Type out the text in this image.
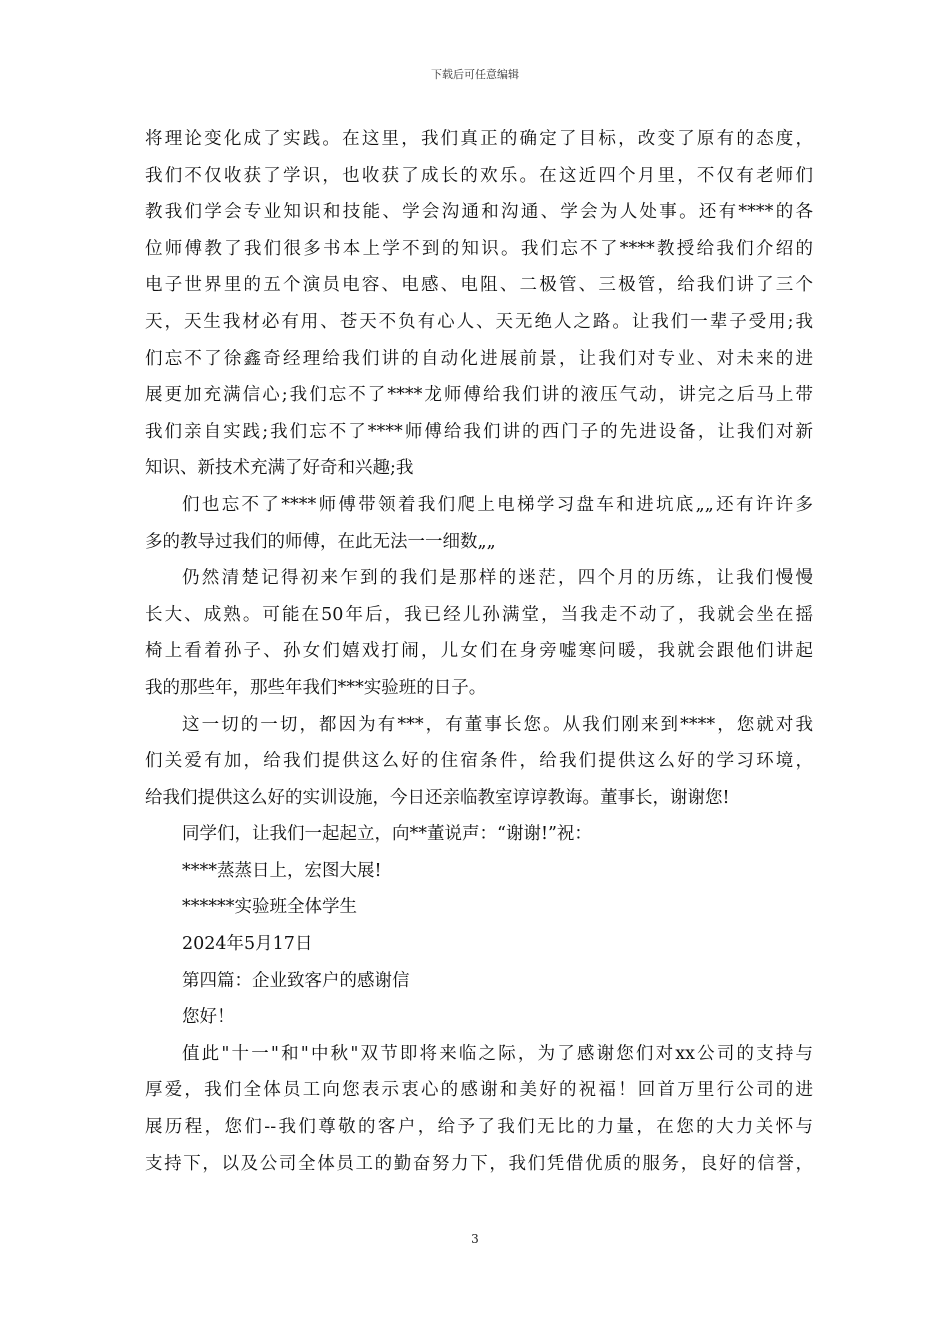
下载后可任意编辑
将理论变化成了实践。在这里，我们真正的确定了目标，改变了原有的态度，
我们不仅收获了学识，也收获了成长的欢乐。在这近四个月里，不仅有老师们
教我们学会专业知识和技能、学会沟通和沟通、学会为人处事。还有****的各
位师傅教了我们很多书本上学不到的知识。我们忘不了****教授给我们介绍的
电子世界里的五个演员电容、电感、电阻、二极管、三极管，给我们讲了三个
天，天生我材必有用、苍天不负有心人、天无绝人之路。让我们一辈子受用;我
们忘不了徐鑫奇经理给我们讲的自动化进展前景，让我们对专业、对未来的进
展更加充满信心;我们忘不了****龙师傅给我们讲的液压气动，讲完之后马上带
我们亲自实践;我们忘不了****师傅给我们讲的西门子的先进设备，让我们对新
知识、新技术充满了好奇和兴趣;我
们也忘不了****师傅带领着我们爬上电梯学习盘车和进坑底„„还有许许多
多的教导过我们的师傅，在此无法一一细数„„
仍然清楚记得初来乍到的我们是那样的迷茫，四个月的历练，让我们慢慢
长大、成熟。可能在50年后，我已经儿孙满堂，当我走不动了，我就会坐在摇
椅上看着孙子、孙女们嬉戏打闹，儿女们在身旁嘘寒问暖，我就会跟他们讲起
我的那些年，那些年我们***实验班的日子。
这一切的一切，都因为有***，有董事长您。从我们刚来到****，您就对我
们关爱有加，给我们提供这么好的住宿条件，给我们提供这么好的学习环境，
给我们提供这么好的实训设施，今日还亲临教室谆谆教诲。董事长，谢谢您!
同学们，让我们一起起立，向**董说声：“谢谢!”祝：
****蒸蒸日上，宏图大展!
******实验班全体学生
2024年5月17日
第四篇：企业致客户的感谢信
您好！
值此"十一"和"中秋"双节即将来临之际，为了感谢您们对xx公司的支持与
厚爱，我们全体员工向您表示衷心的感谢和美好的祝福！回首万里行公司的进
展历程，您们--我们尊敬的客户，给予了我们无比的力量，在您的大力关怀与
支持下，以及公司全体员工的勤奋努力下，我们凭借优质的服务，良好的信誉，
3
